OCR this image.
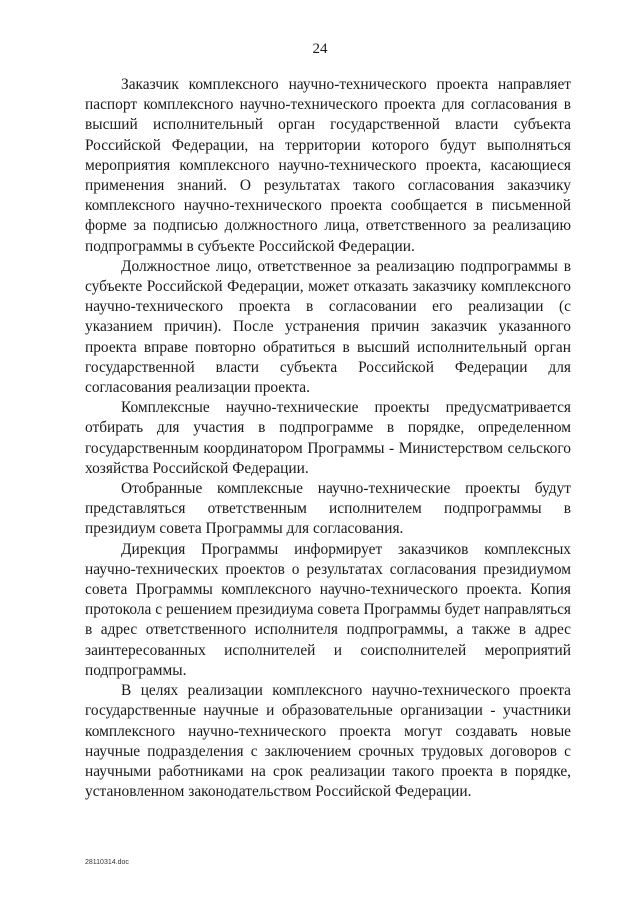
24

Заказчик комплексного научно-технического проекта направляет паспорт комплексного научно-технического проекта для согласования в высший исполнительный орган государственной власти субъекта Российской Федерации, на территории которого будут выполняться мероприятия комплексного научно-технического проекта, касающиеся применения знаний. О результатах такого согласования заказчику комплексного научно-технического проекта сообщается в письменной форме за подписью должностного лица, ответственного за реализацию подпрограммы в субъекте Российской Федерации.

Должностное лицо, ответственное за реализацию подпрограммы в субъекте Российской Федерации, может отказать заказчику комплексного научно-технического проекта в согласовании его реализации (с указанием причин). После устранения причин заказчик указанного проекта вправе повторно обратиться в высший исполнительный орган государственной власти субъекта Российской Федерации для согласования реализации проекта.

Комплексные научно-технические проекты предусматривается отбирать для участия в подпрограмме в порядке, определенном государственным координатором Программы - Министерством сельского хозяйства Российской Федерации.

Отобранные комплексные научно-технические проекты будут представляться ответственным исполнителем подпрограммы в президиум совета Программы для согласования.

Дирекция Программы информирует заказчиков комплексных научно-технических проектов о результатах согласования президиумом совета Программы комплексного научно-технического проекта. Копия протокола с решением президиума совета Программы будет направляться в адрес ответственного исполнителя подпрограммы, а также в адрес заинтересованных исполнителей и соисполнителей мероприятий подпрограммы.

В целях реализации комплексного научно-технического проекта государственные научные и образовательные организации - участники комплексного научно-технического проекта могут создавать новые научные подразделения с заключением срочных трудовых договоров с научными работниками на срок реализации такого проекта в порядке, установленном законодательством Российской Федерации.

28110314.doc
